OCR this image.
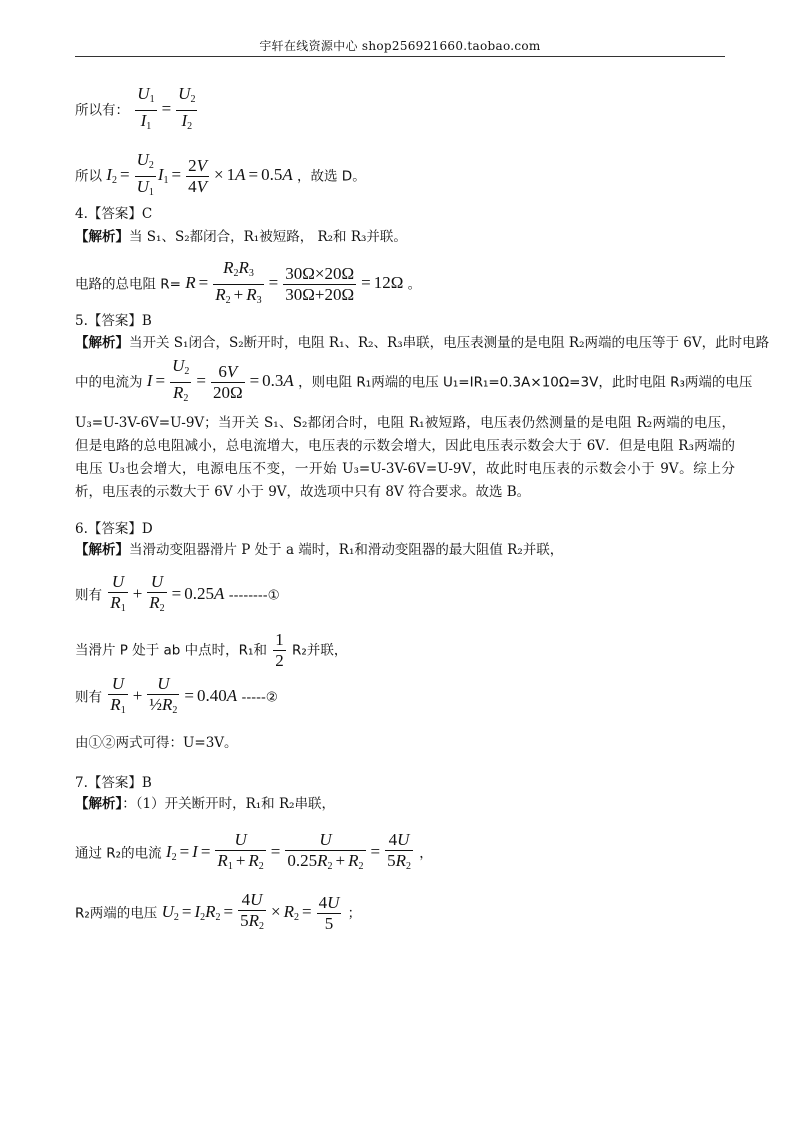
宇轩在线资源中心 shop256921660.taobao.com
所以有： $\frac{U_1}{I_1} = \frac{U_2}{I_2}$
所以 $I_2 = \frac{U_2}{U_1} I_1 = \frac{2V}{4V} \times 1A = 0.5A$ ，故选 D。
4.【答案】C
【解析】当 S₁、S₂都闭合，R₁被短路， R₂和 R₃并联。
电路的总电阻 $R= R = \frac{R_2R_3}{R_2 + R_3} = \frac{30\Omega\times 20\Omega}{30\Omega+20\Omega} = 12\Omega$ 。
5.【答案】B
【解析】当开关 S₁闭合，S₂断开时，电阻 R₁、R₂、R₃串联，电压表测量的是电阻 R₂两端的电压等于 6V，此时电路
中的电流为 $I = \frac{U_2}{R_2} = \frac{6V}{20\Omega} = 0.3A$ ，则电阻 R₁两端的电压 U₁=IR₁=0.3A×10Ω=3V，此时电阻 R₃两端的电压
U₃=U-3V-6V=U-9V；当开关 S₁、S₂都闭合时，电阻 R₁被短路，电压表仍然测量的是电阻 R₂两端的电压，但是电路的总电阻减小，总电流增大，电压表的示数会增大，因此电压表示数会大于 6V．但是电阻 R₃两端的电压 U₃也会增大，电源电压不变，一开始 U₃=U-3V-6V=U-9V，故此时电压表的示数会小于 9V。综上分析，电压表的示数大于 6V 小于 9V，故选项中只有 8V 符合要求。故选 B。
6.【答案】D
【解析】当滑动变阻器滑片 P 处于 a 端时，R₁和滑动变阻器的最大阻值 R₂并联，
则有 $\frac{U}{R_1} + \frac{U}{R_2} = 0.25A$ --------①
当滑片 P 处于 ab 中点时，R₁和 $\frac{1}{2} R_2$并联，
则有 $\frac{U}{R_1} + \frac{U}{\frac{1}{2}R_2} = 0.40A$ -----②
由①②两式可得：U=3V。
7.【答案】B
【解析】：（1）开关断开时，R₁和 R₂串联，
通过 R₂的电流 $I_2 = I = \frac{U}{R_1 + R_2} = \frac{U}{0.25R_2 + R_2} = \frac{4U}{5R_2}$ ，
R₂两端的电压 $U_2 = I_2R_2 = \frac{4U}{5R_2} \times R_2 = \frac{4U}{5}$ ；
